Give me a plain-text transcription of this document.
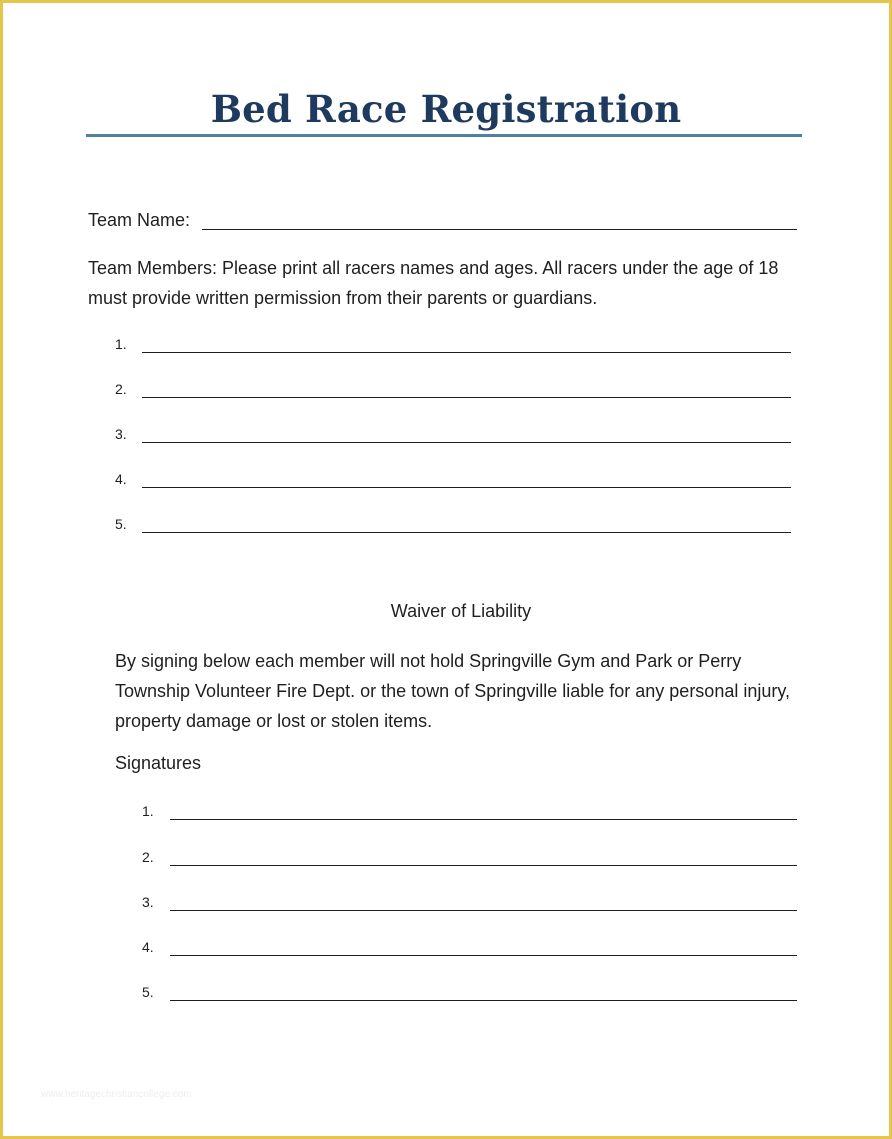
Bed Race Registration
Team Name:
Team Members: Please print all racers names and ages. All racers under the age of 18 must provide written permission from their parents or guardians.
1.
2.
3.
4.
5.
Waiver of Liability
By signing below each member will not hold Springville Gym and Park or Perry Township Volunteer Fire Dept. or the town of Springville liable for any personal injury, property damage or lost or stolen items.
Signatures
1.
2.
3.
4.
5.
www.heritagechristiancollege.com
